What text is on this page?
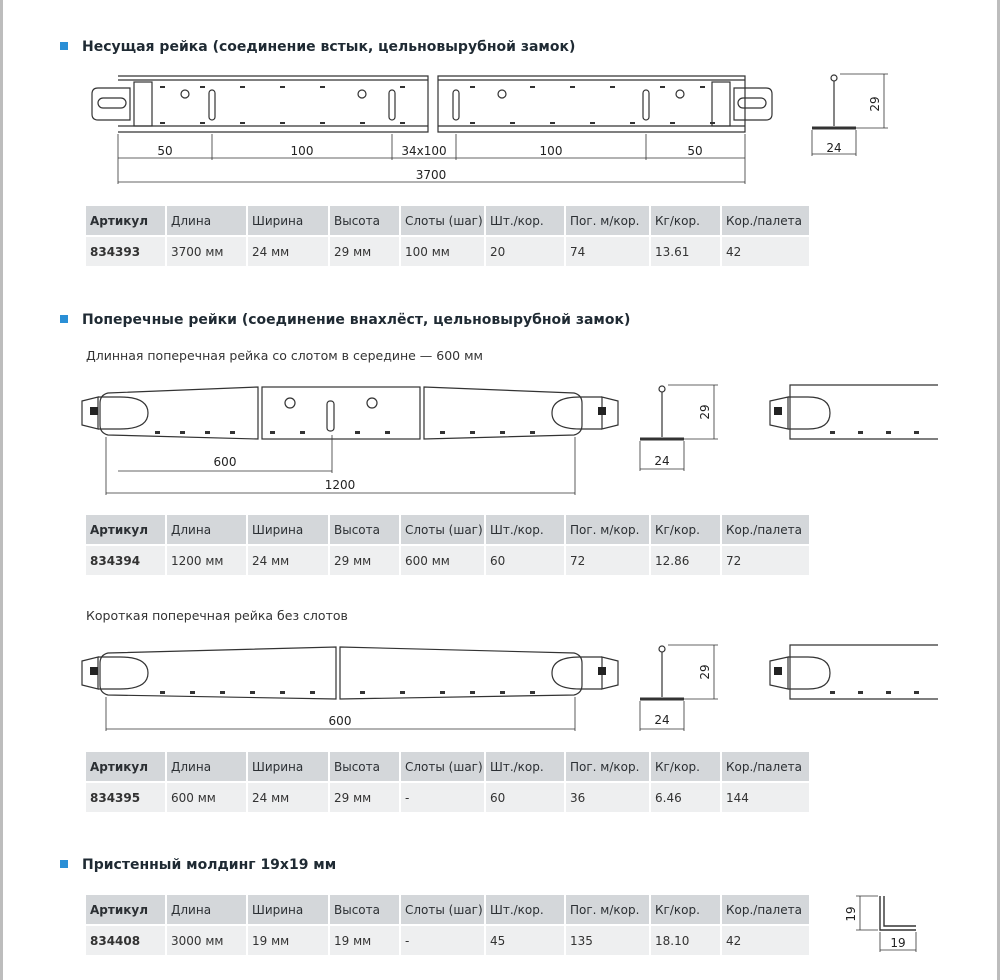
Несущая рейка (соединение встык, цельновырубной замок)
50	100	34x100	100	50
3700
29
24
Артикул	Длина	Ширина	Высота	Слоты (шаг)	Шт./кор.	Пог. м/кор.	Кг/кор.	Кор./палета
834393	3700 мм	24 мм	29 мм	100 мм	20	74	13.61	42
Поперечные рейки (соединение внахлёст, цельновырубной замок)
Длинная поперечная рейка со слотом в середине — 600 мм
600
1200
29
24
Артикул	Длина	Ширина	Высота	Слоты (шаг)	Шт./кор.	Пог. м/кор.	Кг/кор.	Кор./палета
834394	1200 мм	24 мм	29 мм	600 мм	60	72	12.86	72
Короткая поперечная рейка без слотов
600
29
24
Артикул	Длина	Ширина	Высота	Слоты (шаг)	Шт./кор.	Пог. м/кор.	Кг/кор.	Кор./палета
834395	600 мм	24 мм	29 мм	-	60	36	6.46	144
Пристенный молдинг 19x19 мм
Артикул	Длина	Ширина	Высота	Слоты (шаг)	Шт./кор.	Пог. м/кор.	Кг/кор.	Кор./палета
834408	3000 мм	19 мм	19 мм	-	45	135	18.10	42
19
19
